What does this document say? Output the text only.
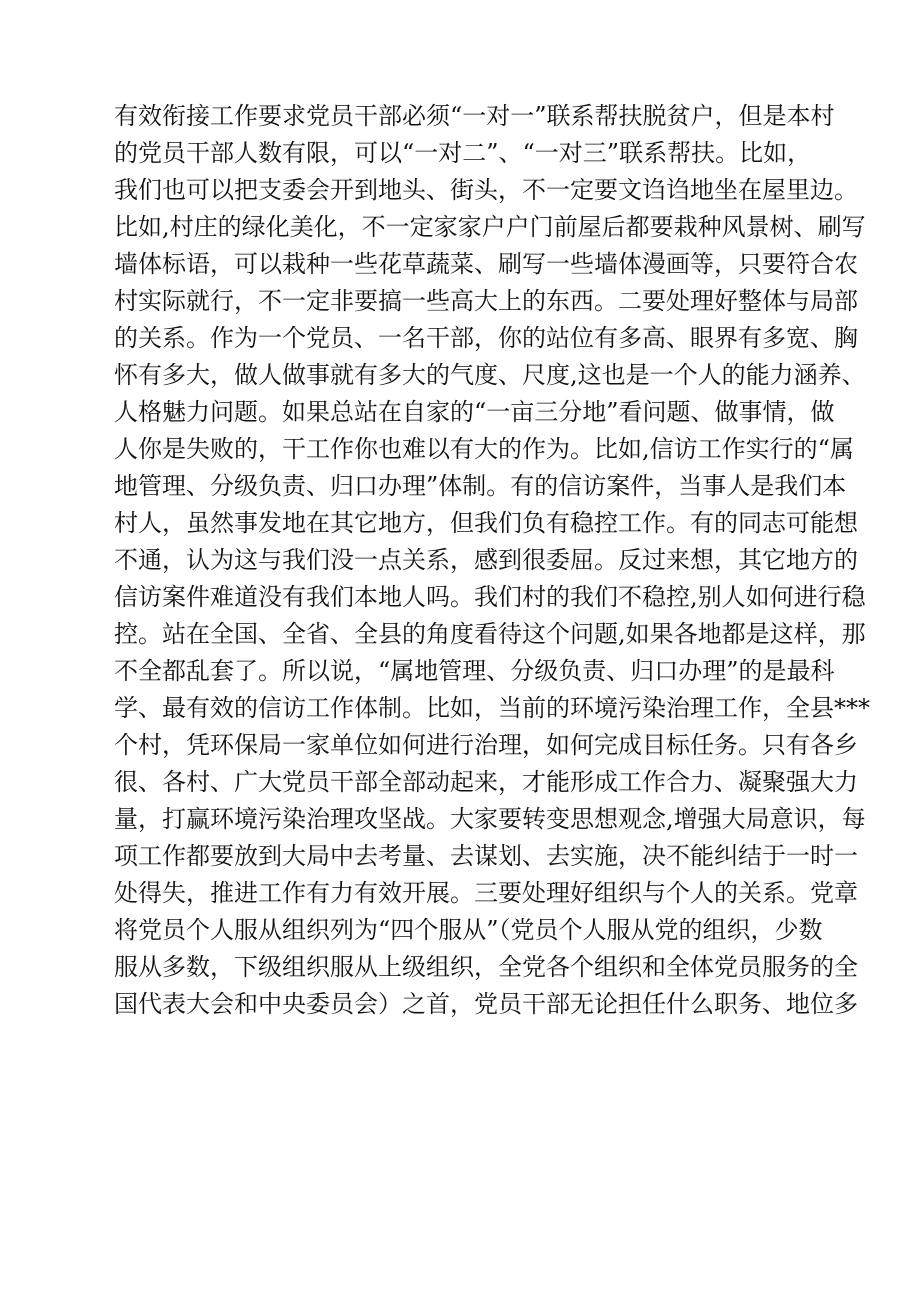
有效衔接工作要求党员干部必须“一对一”联系帮扶脱贫户，但是本村
的党员干部人数有限，可以“一对二”、“一对三”联系帮扶。比如，
我们也可以把支委会开到地头、街头，不一定要文诌诌地坐在屋里边。
比如,村庄的绿化美化，不一定家家户户门前屋后都要栽种风景树、刷写
墙体标语，可以栽种一些花草蔬菜、刷写一些墙体漫画等，只要符合农
村实际就行，不一定非要搞一些高大上的东西。二要处理好整体与局部
的关系。作为一个党员、一名干部，你的站位有多高、眼界有多宽、胸
怀有多大，做人做事就有多大的气度、尺度,这也是一个人的能力涵养、
人格魅力问题。如果总站在自家的“一亩三分地”看问题、做事情，做
人你是失败的，干工作你也难以有大的作为。比如,信访工作实行的“属
地管理、分级负责、归口办理”体制。有的信访案件，当事人是我们本
村人，虽然事发地在其它地方，但我们负有稳控工作。有的同志可能想
不通，认为这与我们没一点关系，感到很委屈。反过来想，其它地方的
信访案件难道没有我们本地人吗。我们村的我们不稳控,别人如何进行稳
控。站在全国、全省、全县的角度看待这个问题,如果各地都是这样，那
不全都乱套了。所以说，“属地管理、分级负责、归口办理”的是最科
学、最有效的信访工作体制。比如，当前的环境污染治理工作，全县***
个村，凭环保局一家单位如何进行治理，如何完成目标任务。只有各乡
很、各村、广大党员干部全部动起来，才能形成工作合力、凝聚强大力
量，打赢环境污染治理攻坚战。大家要转变思想观念,增强大局意识，每
项工作都要放到大局中去考量、去谋划、去实施，决不能纠结于一时一
处得失，推进工作有力有效开展。三要处理好组织与个人的关系。党章
将党员个人服从组织列为“四个服从”（党员个人服从党的组织，少数
服从多数，下级组织服从上级组织，全党各个组织和全体党员服务的全
国代表大会和中央委员会）之首，党员干部无论担任什么职务、地位多
